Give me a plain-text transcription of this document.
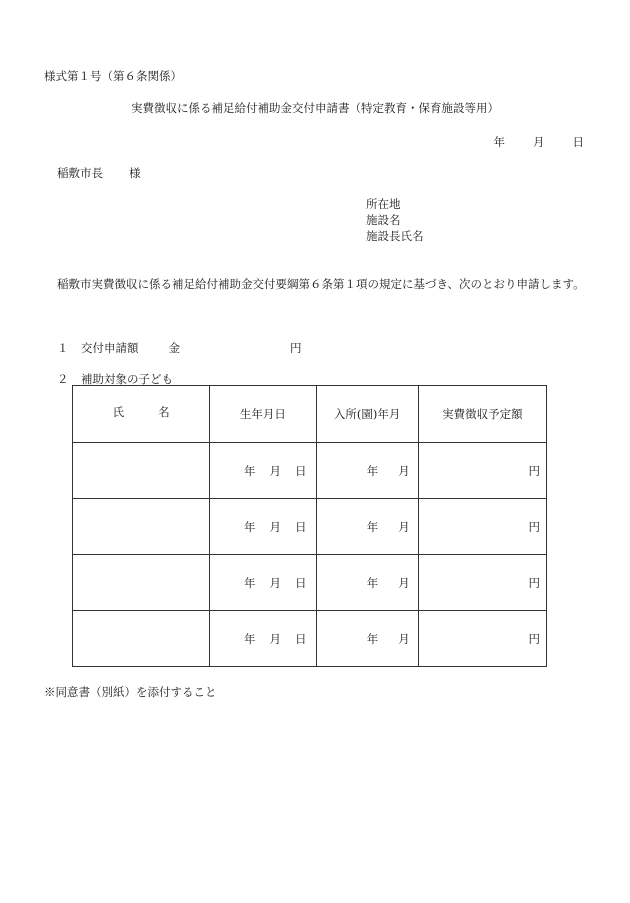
様式第１号（第６条関係）
実費徴収に係る補足給付補助金交付申請書（特定教育・保育施設等用）
年 月 日
稲敷市長 様
所在地
施設名
施設長氏名
稲敷市実費徴収に係る補足給付補助金交付要綱第６条第１項の規定に基づき、次のとおり申請します。
１ 交付申請額	金	円
２ 補助対象の子ども
氏 名	生年月日	入所(園)年月	実費徴収予定額
	年 月 日	年 月	円
	年 月 日	年 月	円
	年 月 日	年 月	円
	年 月 日	年 月	円
※同意書（別紙）を添付すること
